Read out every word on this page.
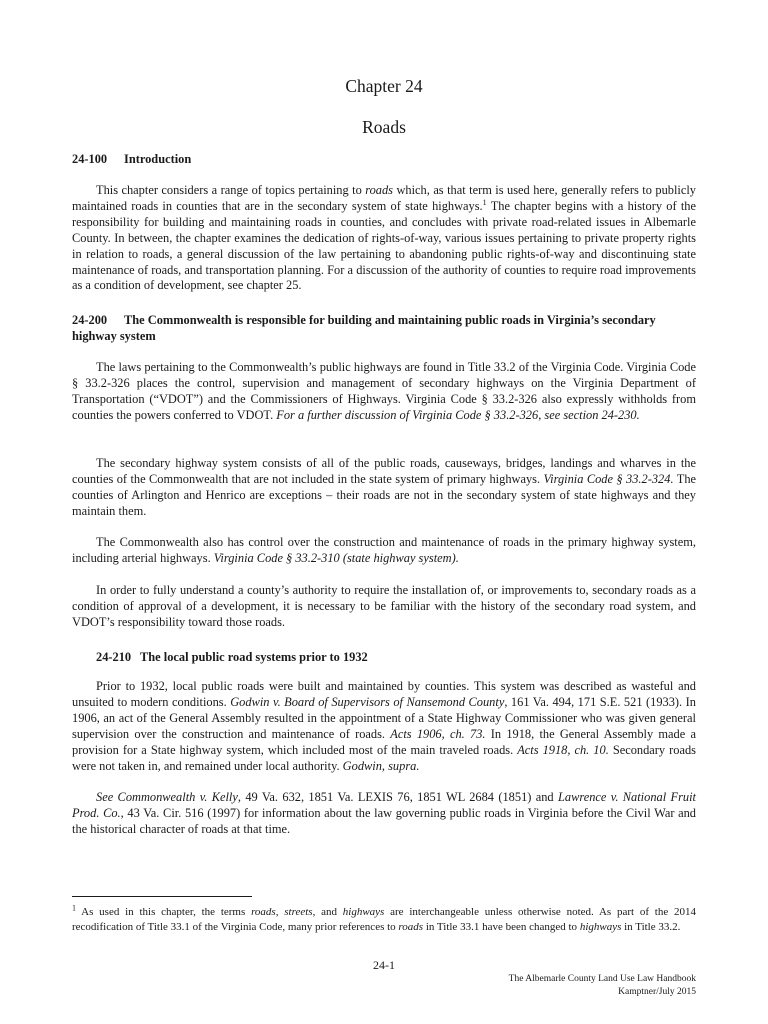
Chapter 24
Roads
24-100 Introduction
This chapter considers a range of topics pertaining to roads which, as that term is used here, generally refers to publicly maintained roads in counties that are in the secondary system of state highways.$^1$ The chapter begins with a history of the responsibility for building and maintaining roads in counties, and concludes with private road-related issues in Albemarle County. In between, the chapter examines the dedication of rights-of-way, various issues pertaining to private property rights in relation to roads, a general discussion of the law pertaining to abandoning public rights-of-way and discontinuing state maintenance of roads, and transportation planning. For a discussion of the authority of counties to require road improvements as a condition of development, see chapter 25.
24-200 The Commonwealth is responsible for building and maintaining public roads in Virginia’s secondary highway system
The laws pertaining to the Commonwealth’s public highways are found in Title 33.2 of the Virginia Code. Virginia Code § 33.2-326 places the control, supervision and management of secondary highways on the Virginia Department of Transportation (“VDOT”) and the Commissioners of Highways. Virginia Code § 33.2-326 also expressly withholds from counties the powers conferred to VDOT. For a further discussion of Virginia Code § 33.2-326, see section 24-230.
The secondary highway system consists of all of the public roads, causeways, bridges, landings and wharves in the counties of the Commonwealth that are not included in the state system of primary highways. Virginia Code § 33.2-324. The counties of Arlington and Henrico are exceptions – their roads are not in the secondary system of state highways and they maintain them.
The Commonwealth also has control over the construction and maintenance of roads in the primary highway system, including arterial highways. Virginia Code § 33.2-310 (state highway system).
In order to fully understand a county’s authority to require the installation of, or improvements to, secondary roads as a condition of approval of a development, it is necessary to be familiar with the history of the secondary road system, and VDOT’s responsibility toward those roads.
24-210 The local public road systems prior to 1932
Prior to 1932, local public roads were built and maintained by counties. This system was described as wasteful and unsuited to modern conditions. Godwin v. Board of Supervisors of Nansemond County, 161 Va. 494, 171 S.E. 521 (1933). In 1906, an act of the General Assembly resulted in the appointment of a State Highway Commissioner who was given general supervision over the construction and maintenance of roads. Acts 1906, ch. 73. In 1918, the General Assembly made a provision for a State highway system, which included most of the main traveled roads. Acts 1918, ch. 10. Secondary roads were not taken in, and remained under local authority. Godwin, supra.
See Commonwealth v. Kelly, 49 Va. 632, 1851 Va. LEXIS 76, 1851 WL 2684 (1851) and Lawrence v. National Fruit Prod. Co., 43 Va. Cir. 516 (1997) for information about the law governing public roads in Virginia before the Civil War and the historical character of roads at that time.
$^1$ As used in this chapter, the terms roads, streets, and highways are interchangeable unless otherwise noted. As part of the 2014 recodification of Title 33.1 of the Virginia Code, many prior references to roads in Title 33.1 have been changed to highways in Title 33.2.
24-1
The Albemarle County Land Use Law Handbook
Kamptner/July 2015
